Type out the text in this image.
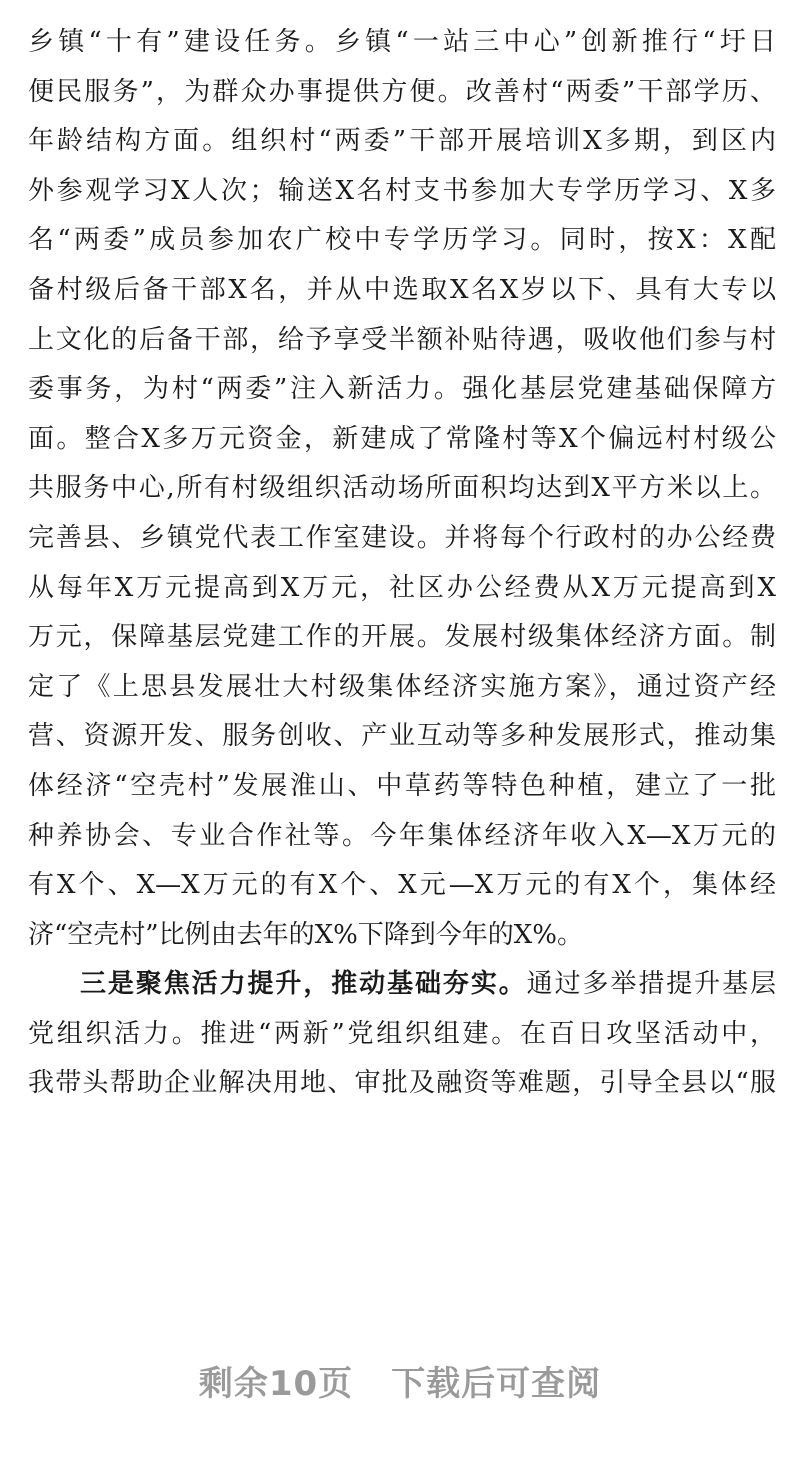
乡镇“十有”建设任务。乡镇“一站三中心”创新推行“圩日
便民服务”，为群众办事提供方便。改善村“两委”干部学历、
年龄结构方面。组织村“两委”干部开展培训X多期，到区内
外参观学习X人次；输送X名村支书参加大专学历学习、X多
名“两委”成员参加农广校中专学历学习。同时，按X：X配
备村级后备干部X名，并从中选取X名X岁以下、具有大专以
上文化的后备干部，给予享受半额补贴待遇，吸收他们参与村
委事务，为村“两委”注入新活力。强化基层党建基础保障方
面。整合X多万元资金，新建成了常隆村等X个偏远村村级公
共服务中心,所有村级组织活动场所面积均达到X平方米以上。
完善县、乡镇党代表工作室建设。并将每个行政村的办公经费
从每年X万元提高到X万元，社区办公经费从X万元提高到X
万元，保障基层党建工作的开展。发展村级集体经济方面。制
定了《上思县发展壮大村级集体经济实施方案》，通过资产经
营、资源开发、服务创收、产业互动等多种发展形式，推动集
体经济“空壳村”发展淮山、中草药等特色种植，建立了一批
种养协会、专业合作社等。今年集体经济年收入X—X万元的
有X个、X—X万元的有X个、X元—X万元的有X个，集体经
济“空壳村”比例由去年的X%下降到今年的X%。
三是聚焦活力提升，推动基础夯实。通过多举措提升基层
党组织活力。推进“两新”党组织组建。在百日攻坚活动中，
我带头帮助企业解决用地、审批及融资等难题，引导全县以“服
剩余10页 下载后可查阅
